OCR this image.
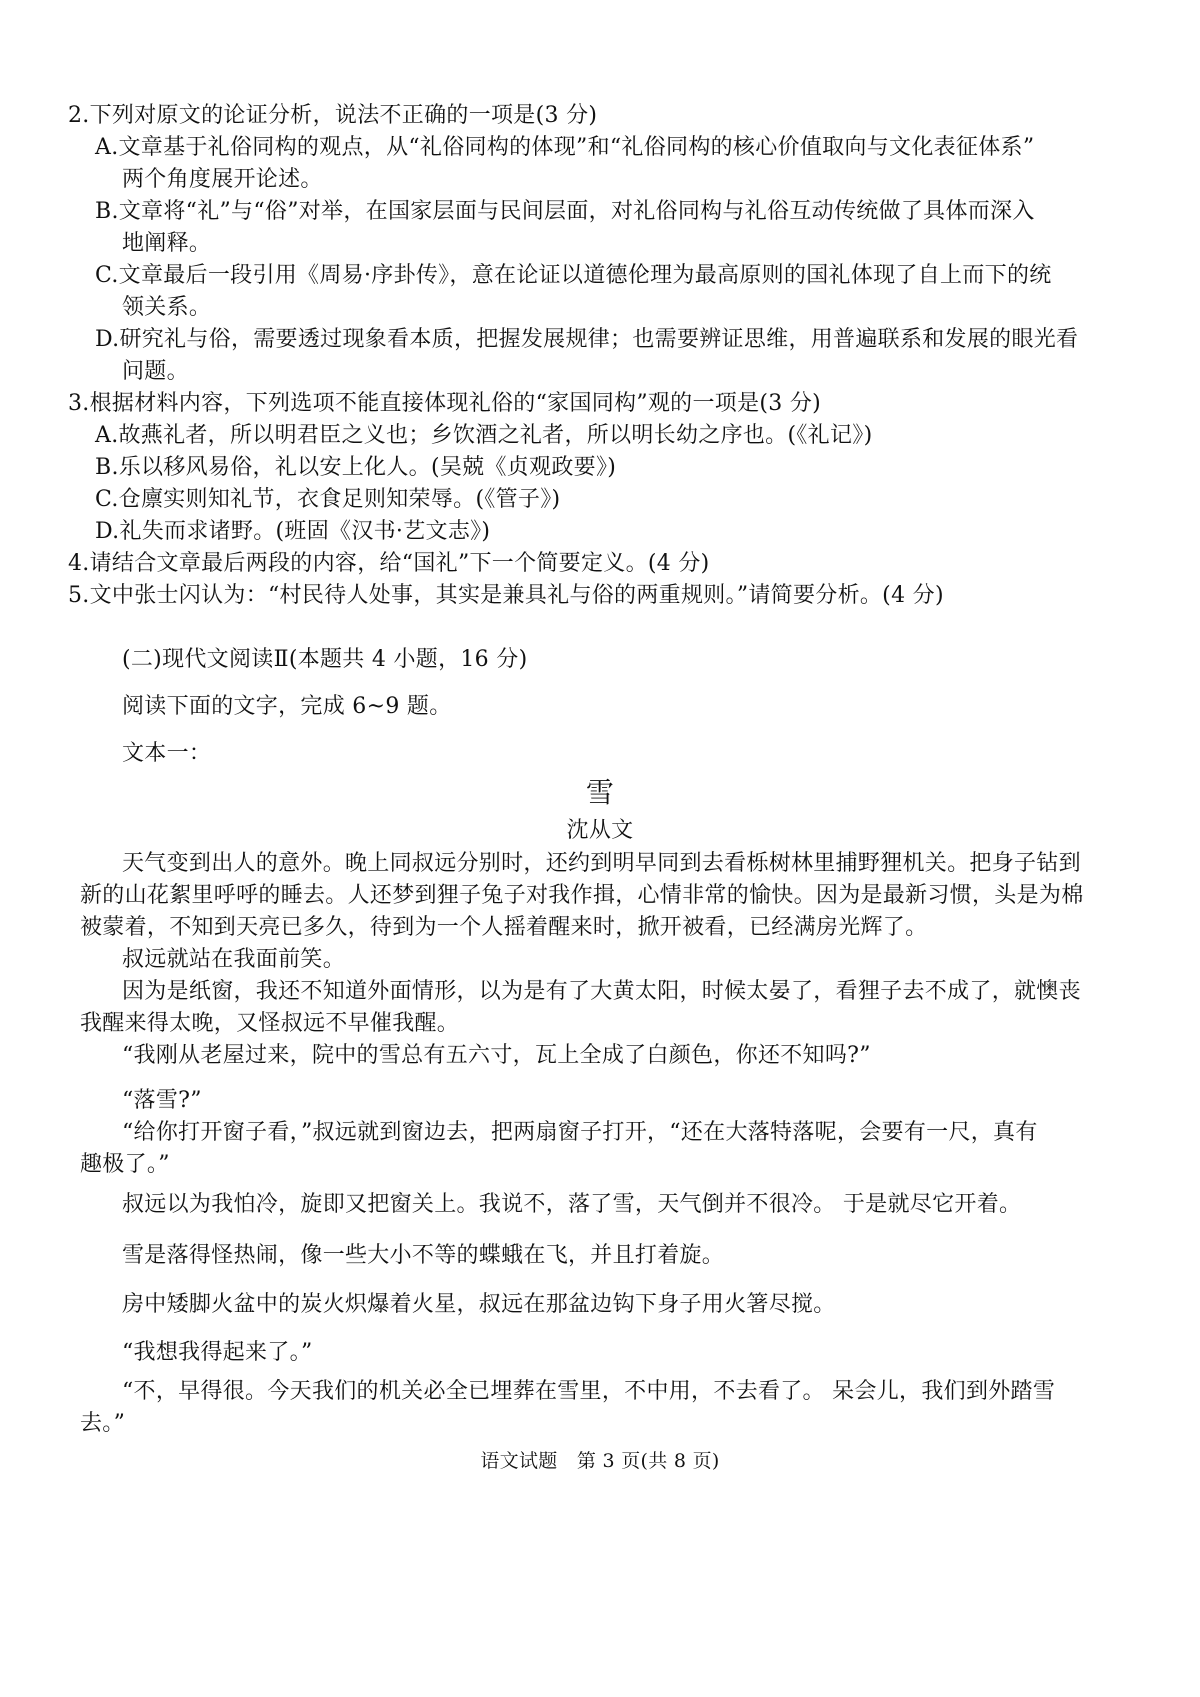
2.下列对原文的论证分析，说法不正确的一项是(3 分)
A.文章基于礼俗同构的观点，从“礼俗同构的体现”和“礼俗同构的核心价值取向与文化表征体系”
两个角度展开论述。
B.文章将“礼”与“俗”对举，在国家层面与民间层面，对礼俗同构与礼俗互动传统做了具体而深入
地阐释。
C.文章最后一段引用《周易·序卦传》，意在论证以道德伦理为最高原则的国礼体现了自上而下的统
领关系。
D.研究礼与俗，需要透过现象看本质，把握发展规律；也需要辨证思维，用普遍联系和发展的眼光看
问题。
3.根据材料内容，下列选项不能直接体现礼俗的“家国同构”观的一项是(3 分)
A.故燕礼者，所以明君臣之义也；乡饮酒之礼者，所以明长幼之序也。(《礼记》)
B.乐以移风易俗，礼以安上化人。(吴兢《贞观政要》)
C.仓廪实则知礼节，衣食足则知荣辱。(《管子》)
D.礼失而求诸野。(班固《汉书·艺文志》)
4.请结合文章最后两段的内容，给“国礼”下一个简要定义。(4 分)
5.文中张士闪认为：“村民待人处事，其实是兼具礼与俗的两重规则。”请简要分析。(4 分)
(二)现代文阅读Ⅱ(本题共 4 小题，16 分)
阅读下面的文字，完成 6~9 题。
文本一：
雪
沈从文
天气变到出人的意外。晚上同叔远分别时，还约到明早同到去看栎树林里捕野狸机关。把身子钻到
新的山花絮里呼呼的睡去。人还梦到狸子兔子对我作揖，心情非常的愉快。因为是最新习惯，头是为棉
被蒙着，不知到天亮已多久，待到为一个人摇着醒来时，掀开被看，已经满房光辉了。
叔远就站在我面前笑。
因为是纸窗，我还不知道外面情形，以为是有了大黄太阳，时候太晏了，看狸子去不成了，就懊丧
我醒来得太晚，又怪叔远不早催我醒。
“我刚从老屋过来，院中的雪总有五六寸，瓦上全成了白颜色，你还不知吗?”
“落雪?”
“给你打开窗子看，”叔远就到窗边去，把两扇窗子打开，“还在大落特落呢，会要有一尺，真有
趣极了。”
叔远以为我怕冷，旋即又把窗关上。我说不，落了雪，天气倒并不很冷。 于是就尽它开着。
雪是落得怪热闹，像一些大小不等的蝶蛾在飞，并且打着旋。
房中矮脚火盆中的炭火炽爆着火星，叔远在那盆边钩下身子用火箸尽搅。
“我想我得起来了。”
“不，早得很。今天我们的机关必全已埋葬在雪里，不中用，不去看了。 呆会儿，我们到外踏雪
去。”
语文试题　第 3 页(共 8 页)
